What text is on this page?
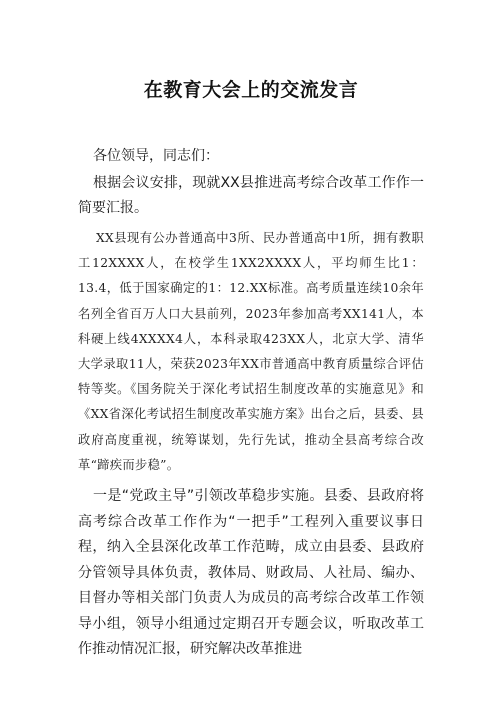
在教育大会上的交流发言

各位领导，同志们：

根据会议安排，现就XX县推进高考综合改革工作作一简要汇报。

XX县现有公办普通高中3所、民办普通高中1所，拥有教职工12XXXX人，在校学生1XX2XXXX人，平均师生比1：13.4，低于国家确定的1：12.XX标准。高考质量连续10余年名列全省百万人口大县前列，2023年参加高考XX141人，本科硬上线4XXXX4人，本科录取423XX人，北京大学、清华大学录取11人，荣获2023年XX市普通高中教育质量综合评估特等奖。《国务院关于深化考试招生制度改革的实施意见》和《XX省深化考试招生制度改革实施方案》出台之后，县委、县政府高度重视，统筹谋划，先行先试，推动全县高考综合改革“蹄疾而步稳”。

一是“党政主导”引领改革稳步实施。县委、县政府将高考综合改革工作作为“一把手”工程列入重要议事日程，纳入全县深化改革工作范畴，成立由县委、县政府分管领导具体负责，教体局、财政局、人社局、编办、目督办等相关部门负责人为成员的高考综合改革工作领导小组，领导小组通过定期召开专题会议，听取改革工作推动情况汇报，研究解决改革推进
